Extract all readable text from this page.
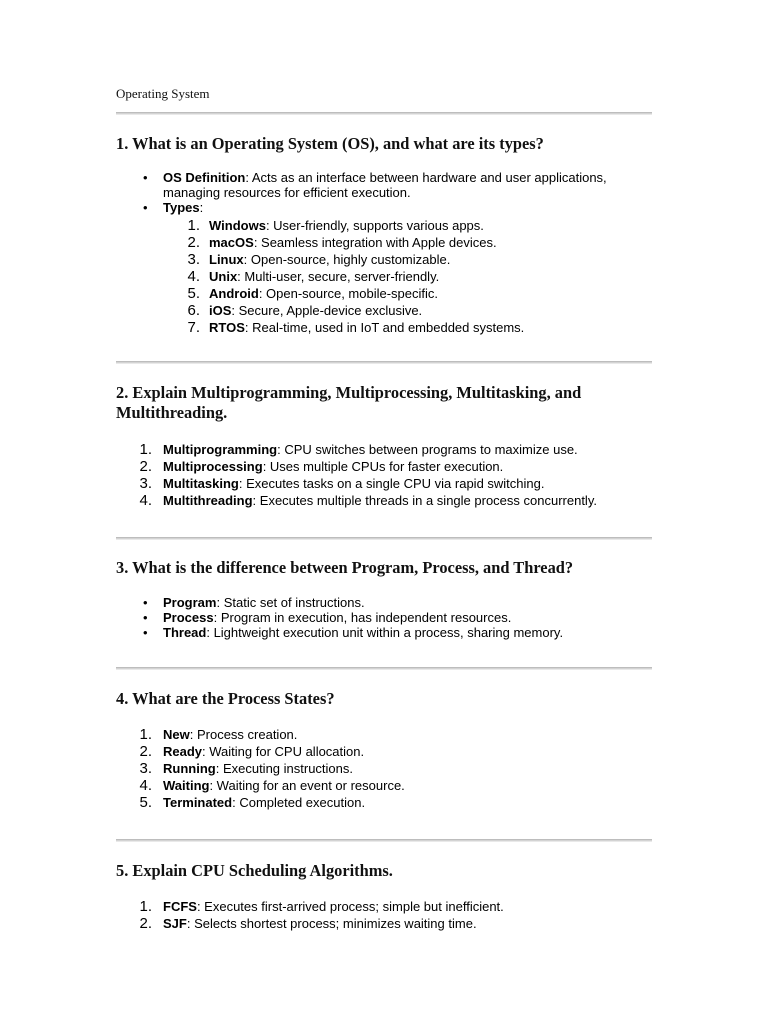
Operating System
1. What is an Operating System (OS), and what are its types?
•
OS Definition: Acts as an interface between hardware and user applications, managing resources for efficient execution.
•
Types:
1. Windows: User-friendly, supports various apps.
2. macOS: Seamless integration with Apple devices.
3. Linux: Open-source, highly customizable.
4. Unix: Multi-user, secure, server-friendly.
5. Android: Open-source, mobile-specific.
6. iOS: Secure, Apple-device exclusive.
7. RTOS: Real-time, used in IoT and embedded systems.
2. Explain Multiprogramming, Multiprocessing, Multitasking, and Multithreading.
1. Multiprogramming: CPU switches between programs to maximize use.
2. Multiprocessing: Uses multiple CPUs for faster execution.
3. Multitasking: Executes tasks on a single CPU via rapid switching.
4. Multithreading: Executes multiple threads in a single process concurrently.
3. What is the difference between Program, Process, and Thread?
•
Program: Static set of instructions.
•
Process: Program in execution, has independent resources.
•
Thread: Lightweight execution unit within a process, sharing memory.
4. What are the Process States?
1. New: Process creation.
2. Ready: Waiting for CPU allocation.
3. Running: Executing instructions.
4. Waiting: Waiting for an event or resource.
5. Terminated: Completed execution.
5. Explain CPU Scheduling Algorithms.
1. FCFS: Executes first-arrived process; simple but inefficient.
2. SJF: Selects shortest process; minimizes waiting time.
